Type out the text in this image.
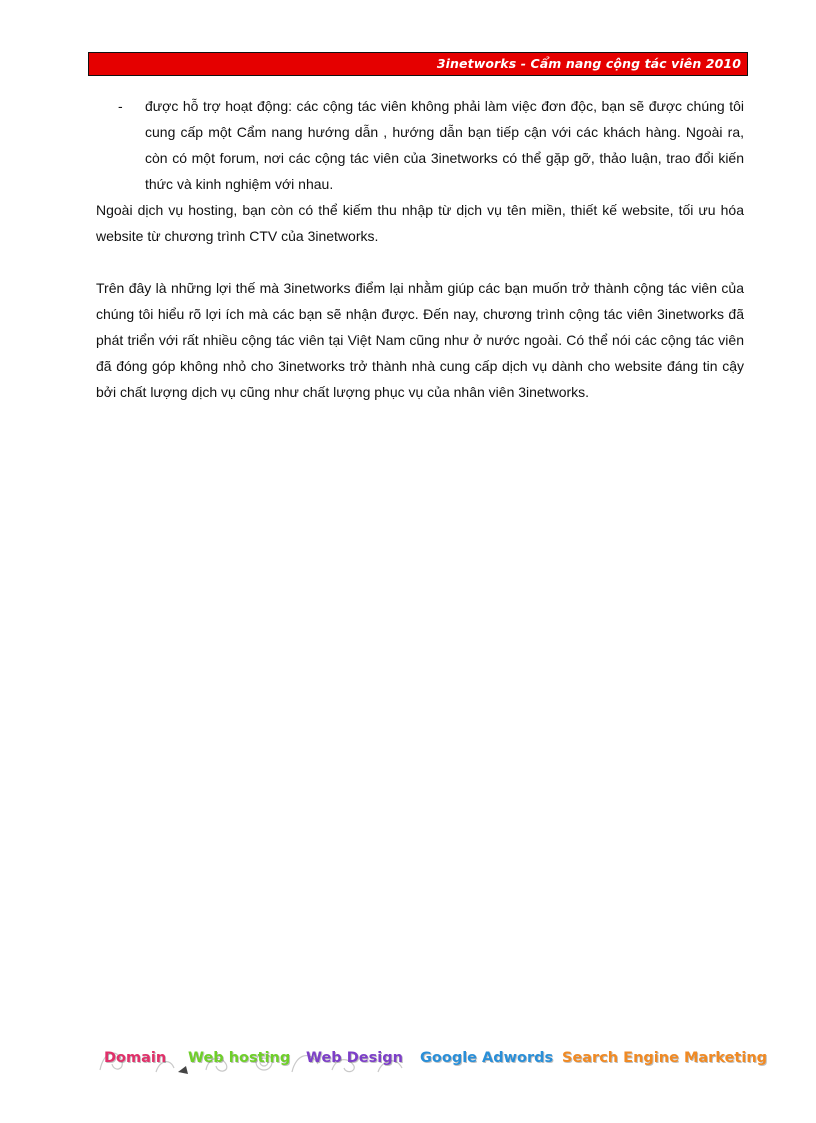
3inetworks - Cẩm nang cộng tác viên 2010
- được hỗ trợ hoạt động: các cộng tác viên không phải làm việc đơn độc, bạn sẽ được chúng tôi cung cấp một Cẩm nang hướng dẫn , hướng dẫn bạn tiếp cận với các khách hàng. Ngoài ra, còn có một forum, nơi các cộng tác viên của 3inetworks có thể gặp gỡ, thảo luận, trao đổi kiến thức và kinh nghiệm với nhau.

Ngoài dịch vụ hosting, bạn còn có thể kiếm thu nhập từ dịch vụ tên miền, thiết kế website, tối ưu hóa website từ chương trình CTV của 3inetworks.

Trên đây là những lợi thế mà 3inetworks điểm lại nhằm giúp các bạn muốn trở thành cộng tác viên của chúng tôi hiểu rõ lợi ích mà các bạn sẽ nhận được. Đến nay, chương trình cộng tác viên 3inetworks đã phát triển với rất nhiều cộng tác viên tại Việt Nam cũng như ở nước ngoài. Có thể nói các cộng tác viên đã đóng góp không nhỏ cho 3inetworks trở thành nhà cung cấp dịch vụ dành cho website đáng tin cậy bởi chất lượng dịch vụ cũng như chất lượng phục vụ của nhân viên 3inetworks.

Domain Web hosting Web Design Google Adwords Search Engine Marketing
